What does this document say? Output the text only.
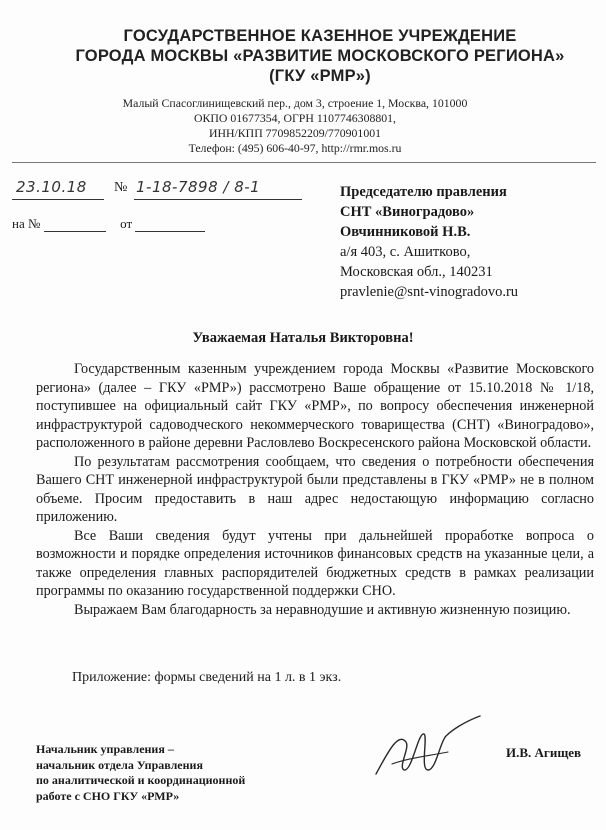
ГОСУДАРСТВЕННОЕ КАЗЕННОЕ УЧРЕЖДЕНИЕ
ГОРОДА МОСКВЫ «РАЗВИТИЕ МОСКОВСКОГО РЕГИОНА»
(ГКУ «РМР»)
Малый Спасоглинищевский пер., дом 3, строение 1, Москва, 101000
ОКПО 01677354, ОГРН 1107746308801,
ИНН/КПП 7709852209/770901001
Телефон: (495) 606-40-97, http://rmr.mos.ru
23.10.18 № 1-18-7898 / 8-1
на №	от
Председателю правления
СНТ «Виноградово»
Овчинниковой Н.В.
а/я 403, с. Ашитково,
Московская обл., 140231
pravlenie@snt-vinogradovo.ru
Уважаемая Наталья Викторовна!

Государственным казенным учреждением города Москвы «Развитие Московского региона» (далее – ГКУ «РМР») рассмотрено Ваше обращение от 15.10.2018 № 1/18, поступившее на официальный сайт ГКУ «РМР», по вопросу обеспечения инженерной инфраструктурой садоводческого некоммерческого товарищества (СНТ) «Виноградово», расположенного в районе деревни Расловлево Воскресенского района Московской области.

По результатам рассмотрения сообщаем, что сведения о потребности обеспечения Вашего СНТ инженерной инфраструктурой были представлены в ГКУ «РМР» не в полном объеме. Просим предоставить в наш адрес недостающую информацию согласно приложению.

Все Ваши сведения будут учтены при дальнейшей проработке вопроса о возможности и порядке определения источников финансовых средств на указанные цели, а также определения главных распорядителей бюджетных средств в рамках реализации программы по оказанию государственной поддержки СНО.

Выражаем Вам благодарность за неравнодушие и активную жизненную позицию.

Приложение: формы сведений на 1 л. в 1 экз.
Начальник управления –
начальник отдела Управления
по аналитической и координационной
работе с СНО ГКУ «РМР»
И.В. Агищев
